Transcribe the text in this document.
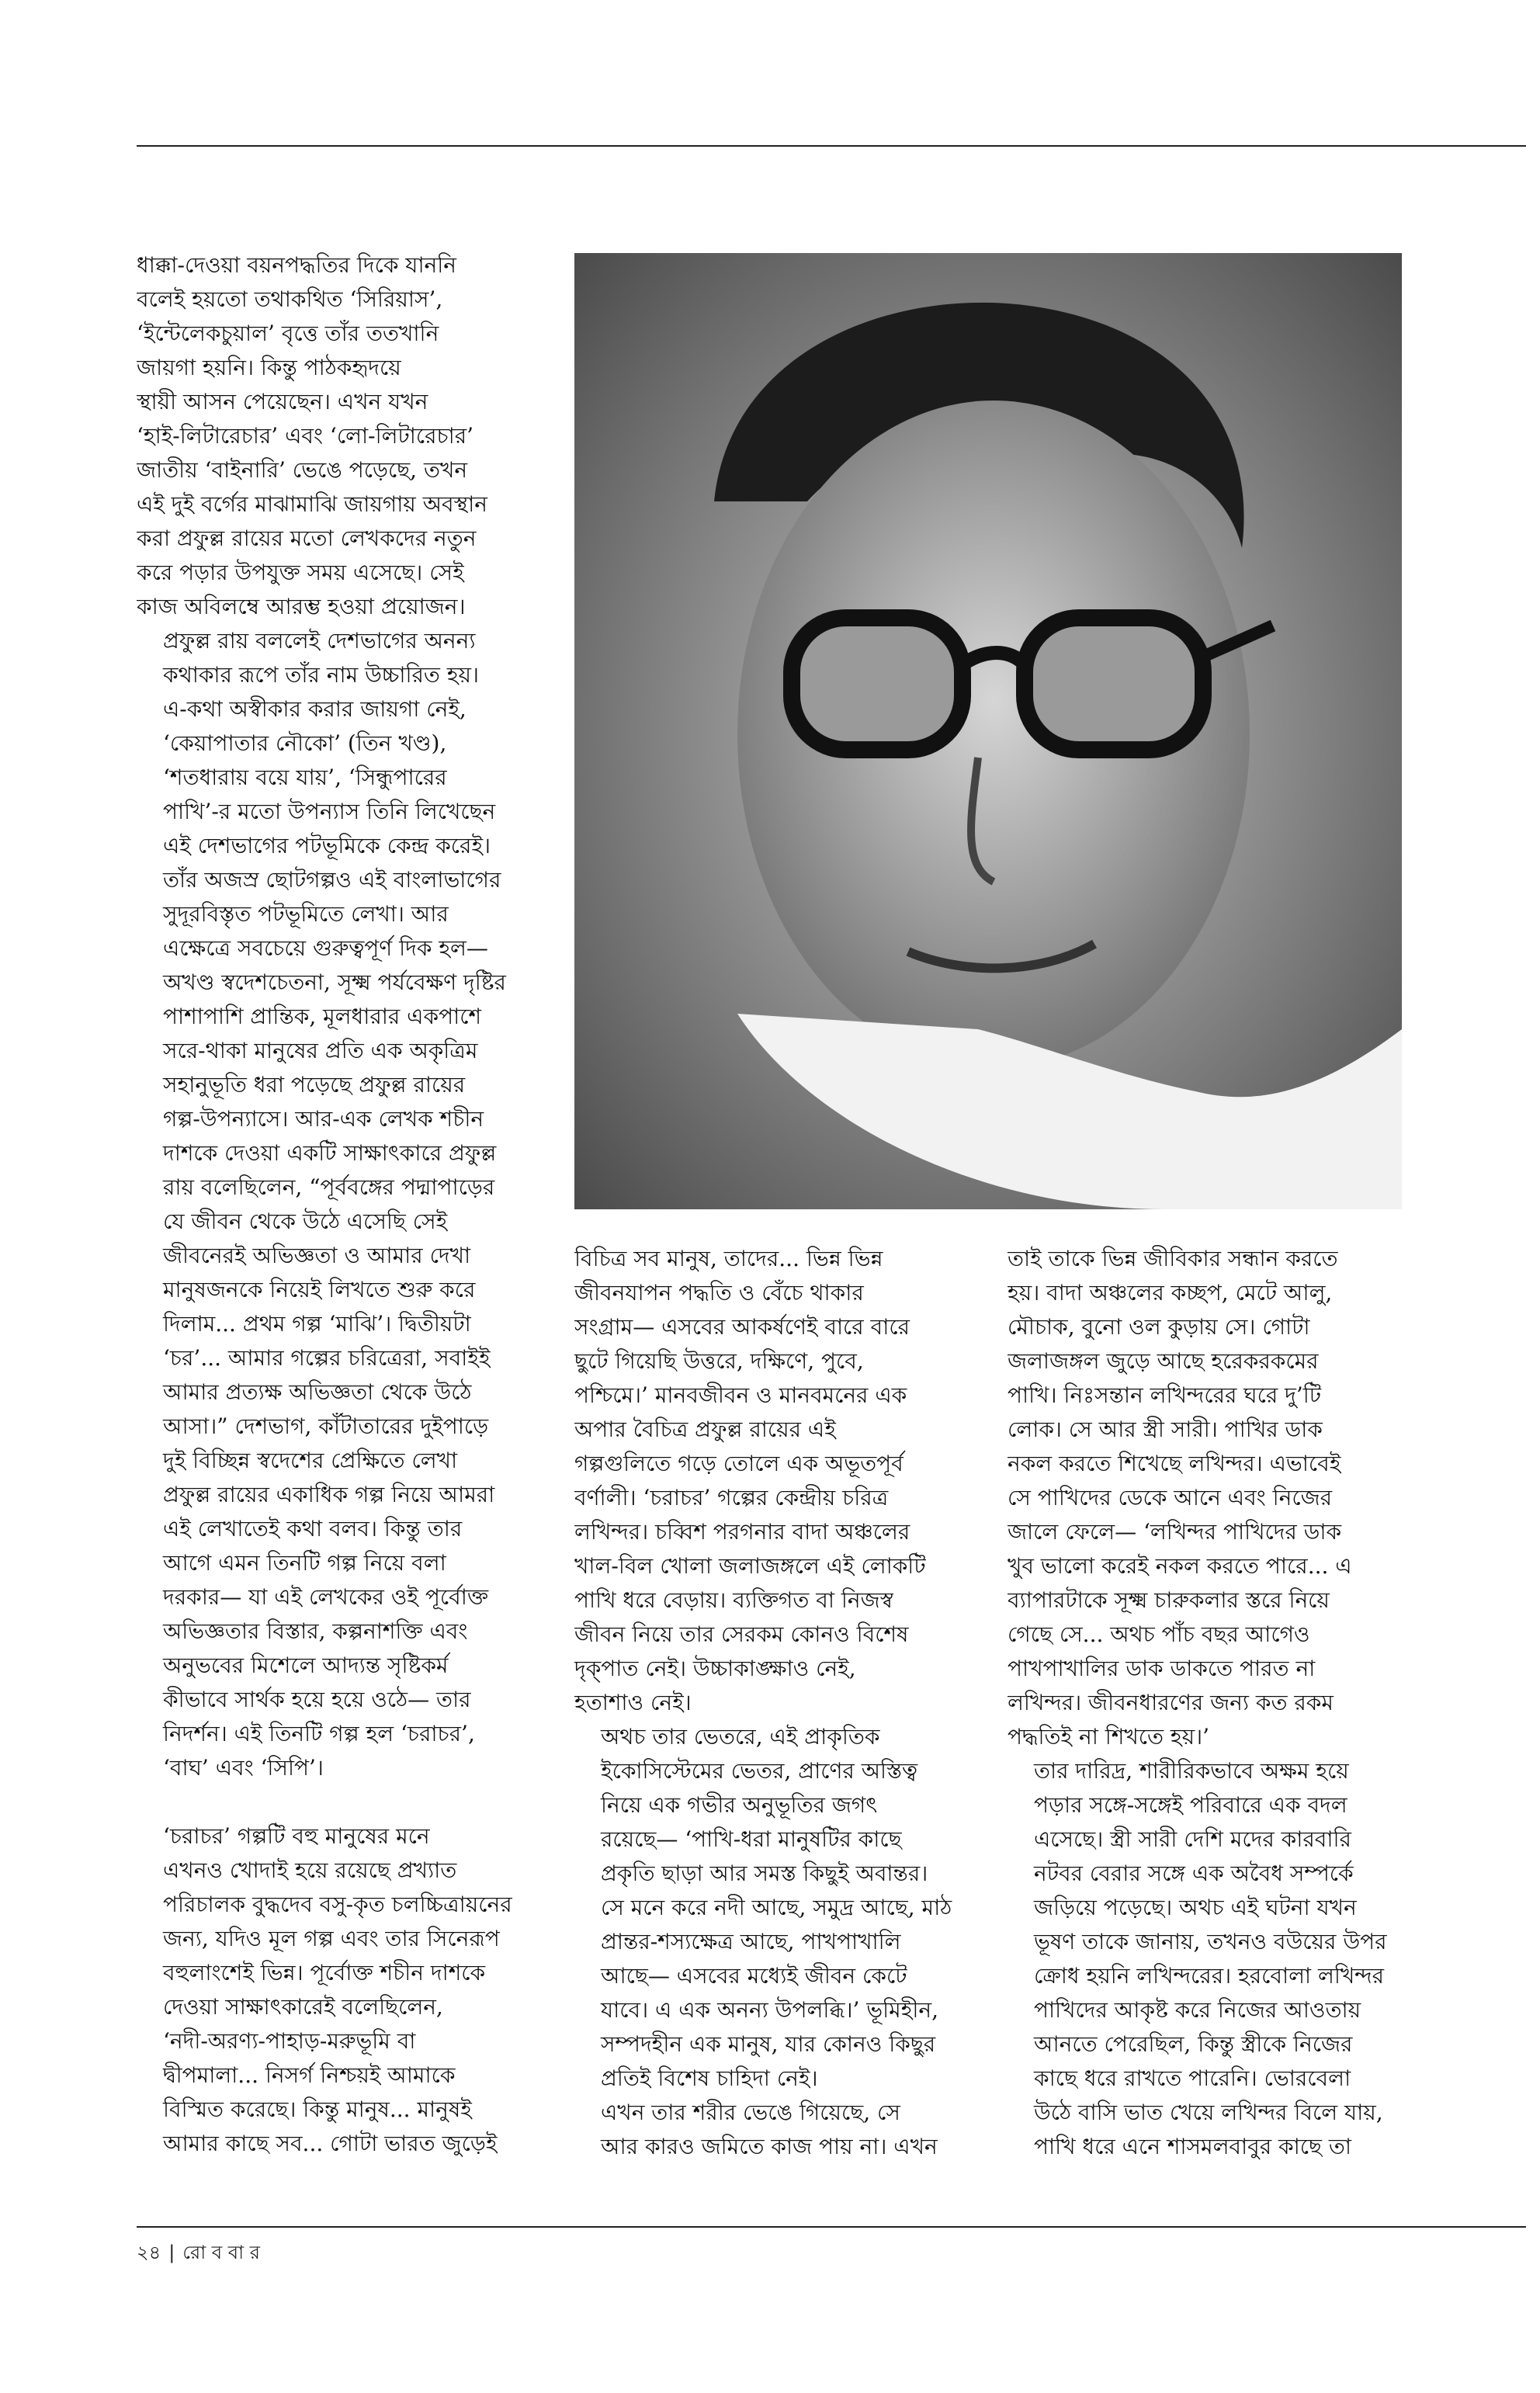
ধাক্কা-দেওয়া বয়নপদ্ধতির দিকে যাননি
বলেই হয়তো তথাকথিত ‘সিরিয়াস’,
‘ইন্টেলেকচুয়াল’ বৃত্তে তাঁর ততখানি
জায়গা হয়নি। কিন্তু পাঠকহৃদয়ে
স্থায়ী আসন পেয়েছেন। এখন যখন
‘হাই-লিটারেচার’ এবং ‘লো-লিটারেচার’
জাতীয় ‘বাইনারি’ ভেঙে পড়েছে, তখন
এই দুই বর্গের মাঝামাঝি জায়গায় অবস্থান
করা প্রফুল্ল রায়ের মতো লেখকদের নতুন
করে পড়ার উপযুক্ত সময় এসেছে। সেই
কাজ অবিলম্বে আরম্ভ হওয়া প্রয়োজন।
প্রফুল্ল রায় বললেই দেশভাগের অনন্য
কথাকার রূপে তাঁর নাম উচ্চারিত হয়।
এ-কথা অস্বীকার করার জায়গা নেই,
‘কেয়াপাতার নৌকো’ (তিন খণ্ড),
‘শতধারায় বয়ে যায়’, ‘সিন্ধুপারের
পাখি’-র মতো উপন্যাস তিনি লিখেছেন
এই দেশভাগের পটভূমিকে কেন্দ্র করেই।
তাঁর অজস্র ছোটগল্পও এই বাংলাভাগের
সুদূরবিস্তৃত পটভূমিতে লেখা। আর
এক্ষেত্রে সবচেয়ে গুরুত্বপূর্ণ দিক হল—
অখণ্ড স্বদেশচেতনা, সূক্ষ্ম পর্যবেক্ষণ দৃষ্টির
পাশাপাশি প্রান্তিক, মূলধারার একপাশে
সরে-থাকা মানুষের প্রতি এক অকৃত্রিম
সহানুভূতি ধরা পড়েছে প্রফুল্ল রায়ের
গল্প-উপন্যাসে। আর-এক লেখক শচীন
দাশকে দেওয়া একটি সাক্ষাৎকারে প্রফুল্ল
রায় বলেছিলেন, “পূর্ববঙ্গের পদ্মাপাড়ের
যে জীবন থেকে উঠে এসেছি সেই
জীবনেরই অভিজ্ঞতা ও আমার দেখা
মানুষজনকে নিয়েই লিখতে শুরু করে
দিলাম... প্রথম গল্প ‘মাঝি’। দ্বিতীয়টা
‘চর’... আমার গল্পের চরিত্রেরা, সবাইই
আমার প্রত্যক্ষ অভিজ্ঞতা থেকে উঠে
আসা।” দেশভাগ, কাঁটাতারের দুইপাড়ে
দুই বিচ্ছিন্ন স্বদেশের প্রেক্ষিতে লেখা
প্রফুল্ল রায়ের একাধিক গল্প নিয়ে আমরা
এই লেখাতেই কথা বলব। কিন্তু তার
আগে এমন তিনটি গল্প নিয়ে বলা
দরকার— যা এই লেখকের ওই পূর্বোক্ত
অভিজ্ঞতার বিস্তার, কল্পনাশক্তি এবং
অনুভবের মিশেলে আদ্যন্ত সৃষ্টিকর্ম
কীভাবে সার্থক হয়ে হয়ে ওঠে— তার
নিদর্শন। এই তিনটি গল্প হল ‘চরাচর’,
‘বাঘ’ এবং ‘সিপি’।
‘চরাচর’ গল্পটি বহু মানুষের মনে
এখনও খোদাই হয়ে রয়েছে প্রখ্যাত
পরিচালক বুদ্ধদেব বসু-কৃত চলচ্চিত্রায়নের
জন্য, যদিও মূল গল্প এবং তার সিনেরূপ
বহুলাংশেই ভিন্ন। পূর্বোক্ত শচীন দাশকে
দেওয়া সাক্ষাৎকারেই বলেছিলেন,
‘নদী-অরণ্য-পাহাড়-মরুভূমি বা
দ্বীপমালা... নিসর্গ নিশ্চয়ই আমাকে
বিস্মিত করেছে। কিন্তু মানুষ... মানুষই
আমার কাছে সব... গোটা ভারত জুড়েই
বিচিত্র সব মানুষ, তাদের... ভিন্ন ভিন্ন
জীবনযাপন পদ্ধতি ও বেঁচে থাকার
সংগ্রাম— এসবের আকর্ষণেই বারে বারে
ছুটে গিয়েছি উত্তরে, দক্ষিণে, পুবে,
পশ্চিমে।’ মানবজীবন ও মানবমনের এক
অপার বৈচিত্র প্রফুল্ল রায়ের এই
গল্পগুলিতে গড়ে তোলে এক অভূতপূর্ব
বর্ণালী। ‘চরাচর’ গল্পের কেন্দ্রীয় চরিত্র
লখিন্দর। চব্বিশ পরগনার বাদা অঞ্চলের
খাল-বিল খোলা জলাজঙ্গলে এই লোকটি
পাখি ধরে বেড়ায়। ব্যক্তিগত বা নিজস্ব
জীবন নিয়ে তার সেরকম কোনও বিশেষ
দৃক্‌পাত নেই। উচ্চাকাঙ্ক্ষাও নেই,
হতাশাও নেই।
অথচ তার ভেতরে, এই প্রাকৃতিক
ইকোসিস্টেমের ভেতর, প্রাণের অস্তিত্ব
নিয়ে এক গভীর অনুভূতির জগৎ
রয়েছে— ‘পাখি-ধরা মানুষটির কাছে
প্রকৃতি ছাড়া আর সমস্ত কিছুই অবান্তর।
সে মনে করে নদী আছে, সমুদ্র আছে, মাঠ
প্রান্তর-শস্যক্ষেত্র আছে, পাখপাখালি
আছে— এসবের মধ্যেই জীবন কেটে
যাবে। এ এক অনন্য উপলব্ধি।’ ভূমিহীন,
সম্পদহীন এক মানুষ, যার কোনও কিছুর
প্রতিই বিশেষ চাহিদা নেই।
এখন তার শরীর ভেঙে গিয়েছে, সে
আর কারও জমিতে কাজ পায় না। এখন
তাই তাকে ভিন্ন জীবিকার সন্ধান করতে
হয়। বাদা অঞ্চলের কচ্ছপ, মেটে আলু,
মৌচাক, বুনো ওল কুড়ায় সে। গোটা
জলাজঙ্গল জুড়ে আছে হরেকরকমের
পাখি। নিঃসন্তান লখিন্দরের ঘরে দু’টি
লোক। সে আর স্ত্রী সারী। পাখির ডাক
নকল করতে শিখেছে লখিন্দর। এভাবেই
সে পাখিদের ডেকে আনে এবং নিজের
জালে ফেলে— ‘লখিন্দর পাখিদের ডাক
খুব ভালো করেই নকল করতে পারে... এ
ব্যাপারটাকে সূক্ষ্ম চারুকলার স্তরে নিয়ে
গেছে সে... অথচ পাঁচ বছর আগেও
পাখপাখালির ডাক ডাকতে পারত না
লখিন্দর। জীবনধারণের জন্য কত রকম
পদ্ধতিই না শিখতে হয়।’
তার দারিদ্র, শারীরিকভাবে অক্ষম হয়ে
পড়ার সঙ্গে-সঙ্গেই পরিবারে এক বদল
এসেছে। স্ত্রী সারী দেশি মদের কারবারি
নটবর বেরার সঙ্গে এক অবৈধ সম্পর্কে
জড়িয়ে পড়েছে। অথচ এই ঘটনা যখন
ভূষণ তাকে জানায়, তখনও বউয়ের উপর
ক্রোধ হয়নি লখিন্দরের। হরবোলা লখিন্দর
পাখিদের আকৃষ্ট করে নিজের আওতায়
আনতে পেরেছিল, কিন্তু স্ত্রীকে নিজের
কাছে ধরে রাখতে পারেনি। ভোরবেলা
উঠে বাসি ভাত খেয়ে লখিন্দর বিলে যায়,
পাখি ধরে এনে শাসমলবাবুর কাছে তা
২৪ | রো ব বা র
